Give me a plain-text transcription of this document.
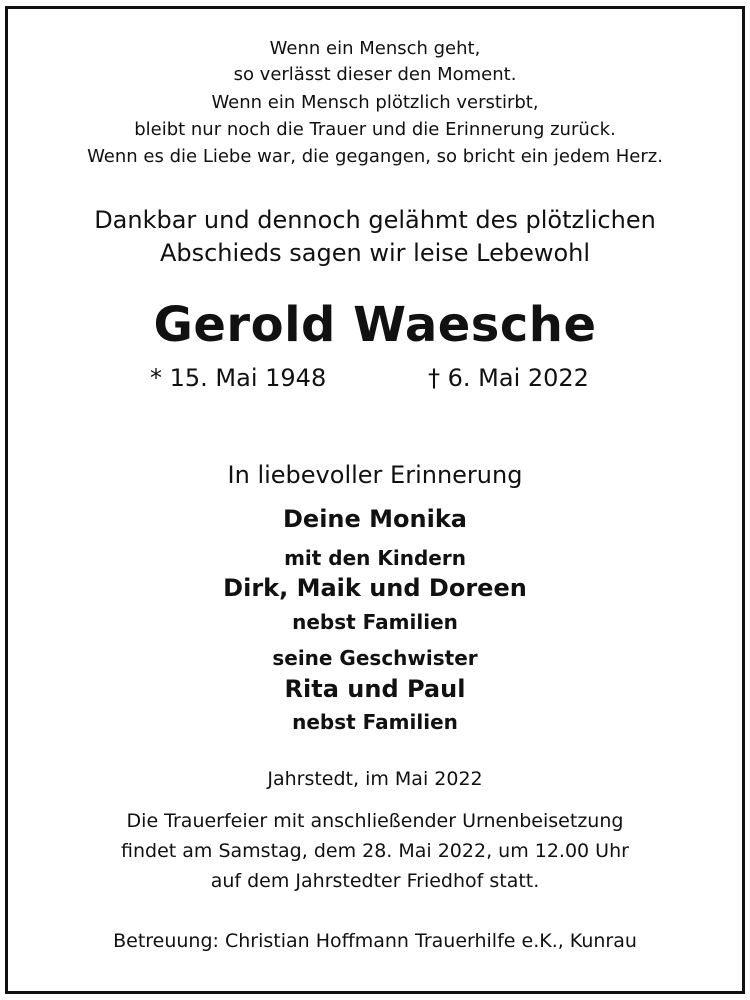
Wenn ein Mensch geht,
so verlässt dieser den Moment.
Wenn ein Mensch plötzlich verstirbt,
bleibt nur noch die Trauer und die Erinnerung zurück.
Wenn es die Liebe war, die gegangen, so bricht ein jedem Herz.
Dankbar und dennoch gelähmt des plötzlichen
Abschieds sagen wir leise Lebewohl
Gerold Waesche
* 15. Mai 1948	† 6. Mai 2022
In liebevoller Erinnerung
Deine Monika
mit den Kindern
Dirk, Maik und Doreen
nebst Familien
seine Geschwister
Rita und Paul
nebst Familien
Jahrstedt, im Mai 2022
Die Trauerfeier mit anschließender Urnenbeisetzung
findet am Samstag, dem 28. Mai 2022, um 12.00 Uhr
auf dem Jahrstedter Friedhof statt.
Betreuung: Christian Hoffmann Trauerhilfe e.K., Kunrau
